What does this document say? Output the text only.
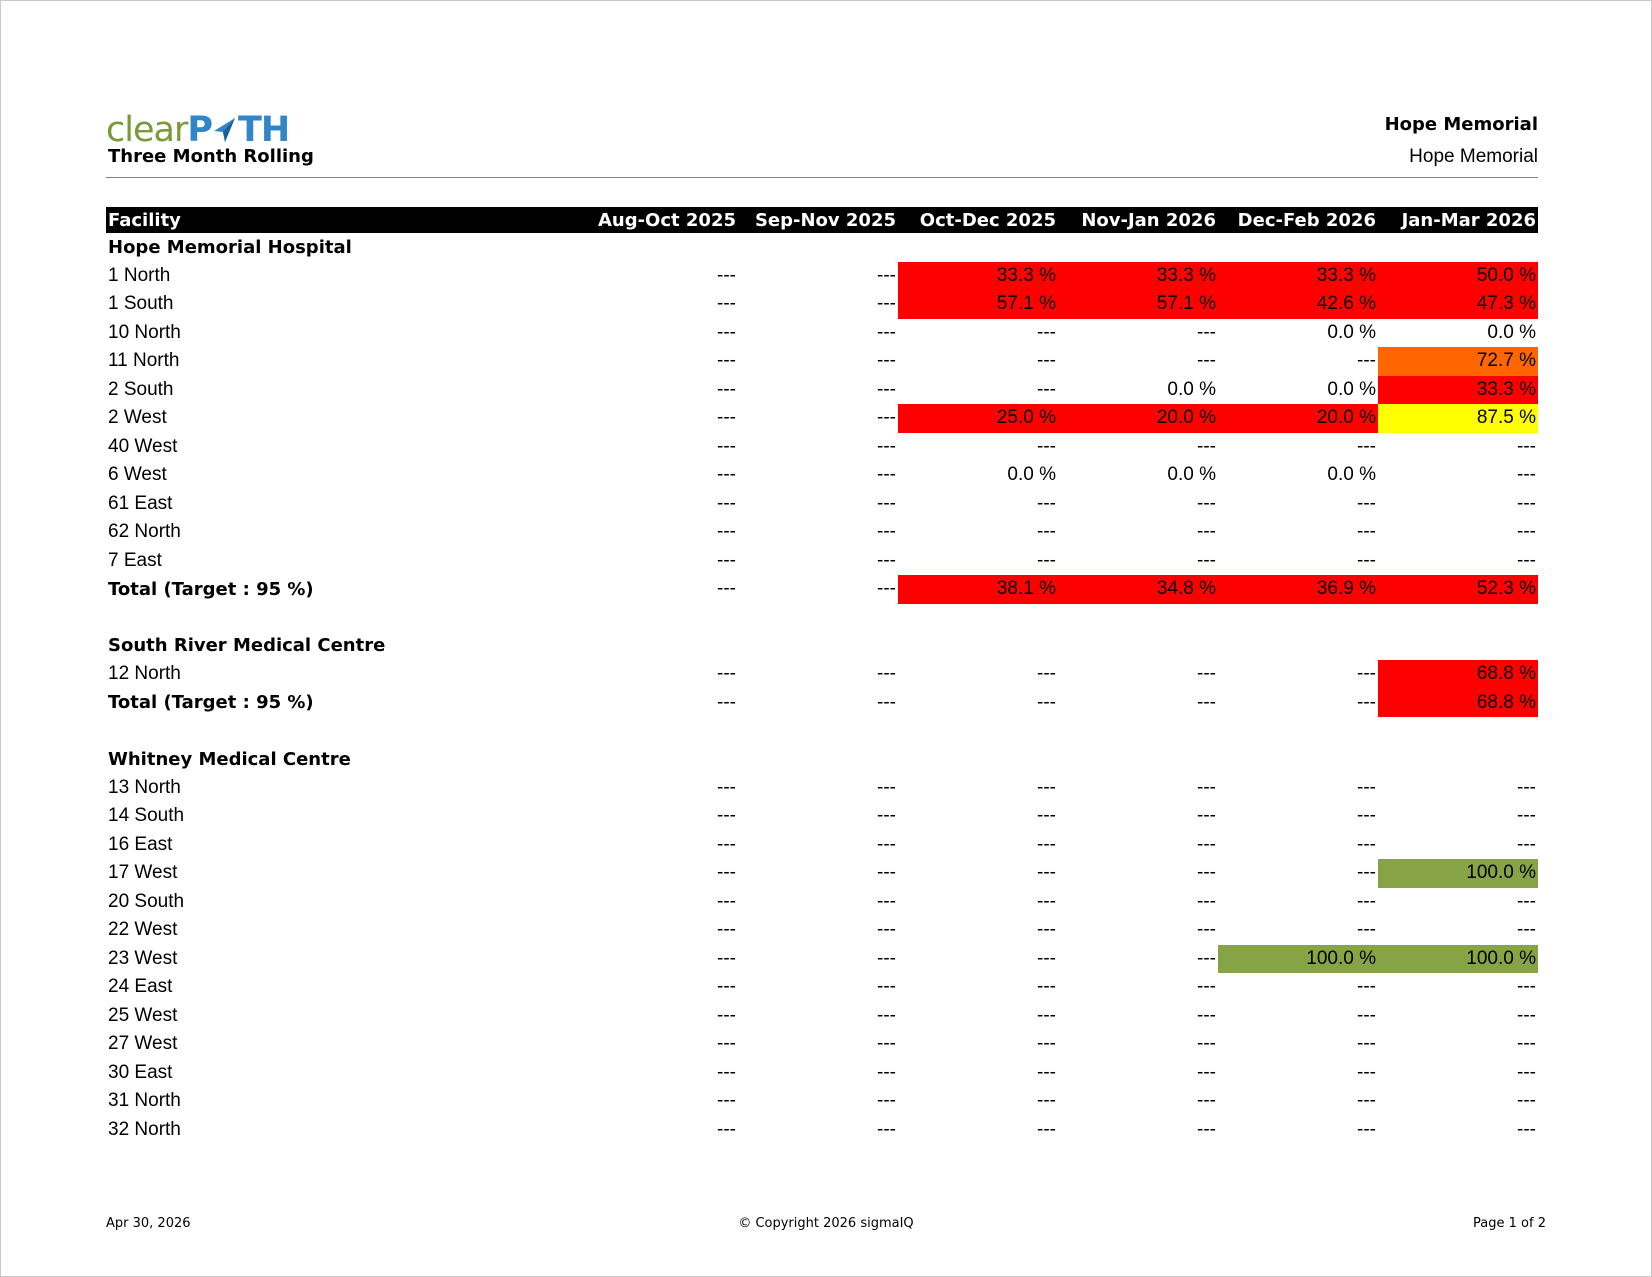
clearP TH
Three Month Rolling
Hope Memorial
Hope Memorial
Facility	Aug-Oct 2025	Sep-Nov 2025	Oct-Dec 2025	Nov-Jan 2026	Dec-Feb 2026	Jan-Mar 2026
Hope Memorial Hospital						
1 North	---	---	33.3 %	33.3 %	33.3 %	50.0 %
1 South	---	---	57.1 %	57.1 %	42.6 %	47.3 %
10 North	---	---	---	---	0.0 %	0.0 %
11 North	---	---	---	---	---	72.7 %
2 South	---	---	---	0.0 %	0.0 %	33.3 %
2 West	---	---	25.0 %	20.0 %	20.0 %	87.5 %
40 West	---	---	---	---	---	---
6 West	---	---	0.0 %	0.0 %	0.0 %	---
61 East	---	---	---	---	---	---
62 North	---	---	---	---	---	---
7 East	---	---	---	---	---	---
Total (Target : 95 %)	---	---	38.1 %	34.8 %	36.9 %	52.3 %

South River Medical Centre						
12 North	---	---	---	---	---	68.8 %
Total (Target : 95 %)	---	---	---	---	---	68.8 %

Whitney Medical Centre						
13 North	---	---	---	---	---	---
14 South	---	---	---	---	---	---
16 East	---	---	---	---	---	---
17 West	---	---	---	---	---	100.0 %
20 South	---	---	---	---	---	---
22 West	---	---	---	---	---	---
23 West	---	---	---	---	100.0 %	100.0 %
24 East	---	---	---	---	---	---
25 West	---	---	---	---	---	---
27 West	---	---	---	---	---	---
30 East	---	---	---	---	---	---
31 North	---	---	---	---	---	---
32 North	---	---	---	---	---	---
Apr 30, 2026	© Copyright 2026 sigmaIQ	Page 1 of 2
